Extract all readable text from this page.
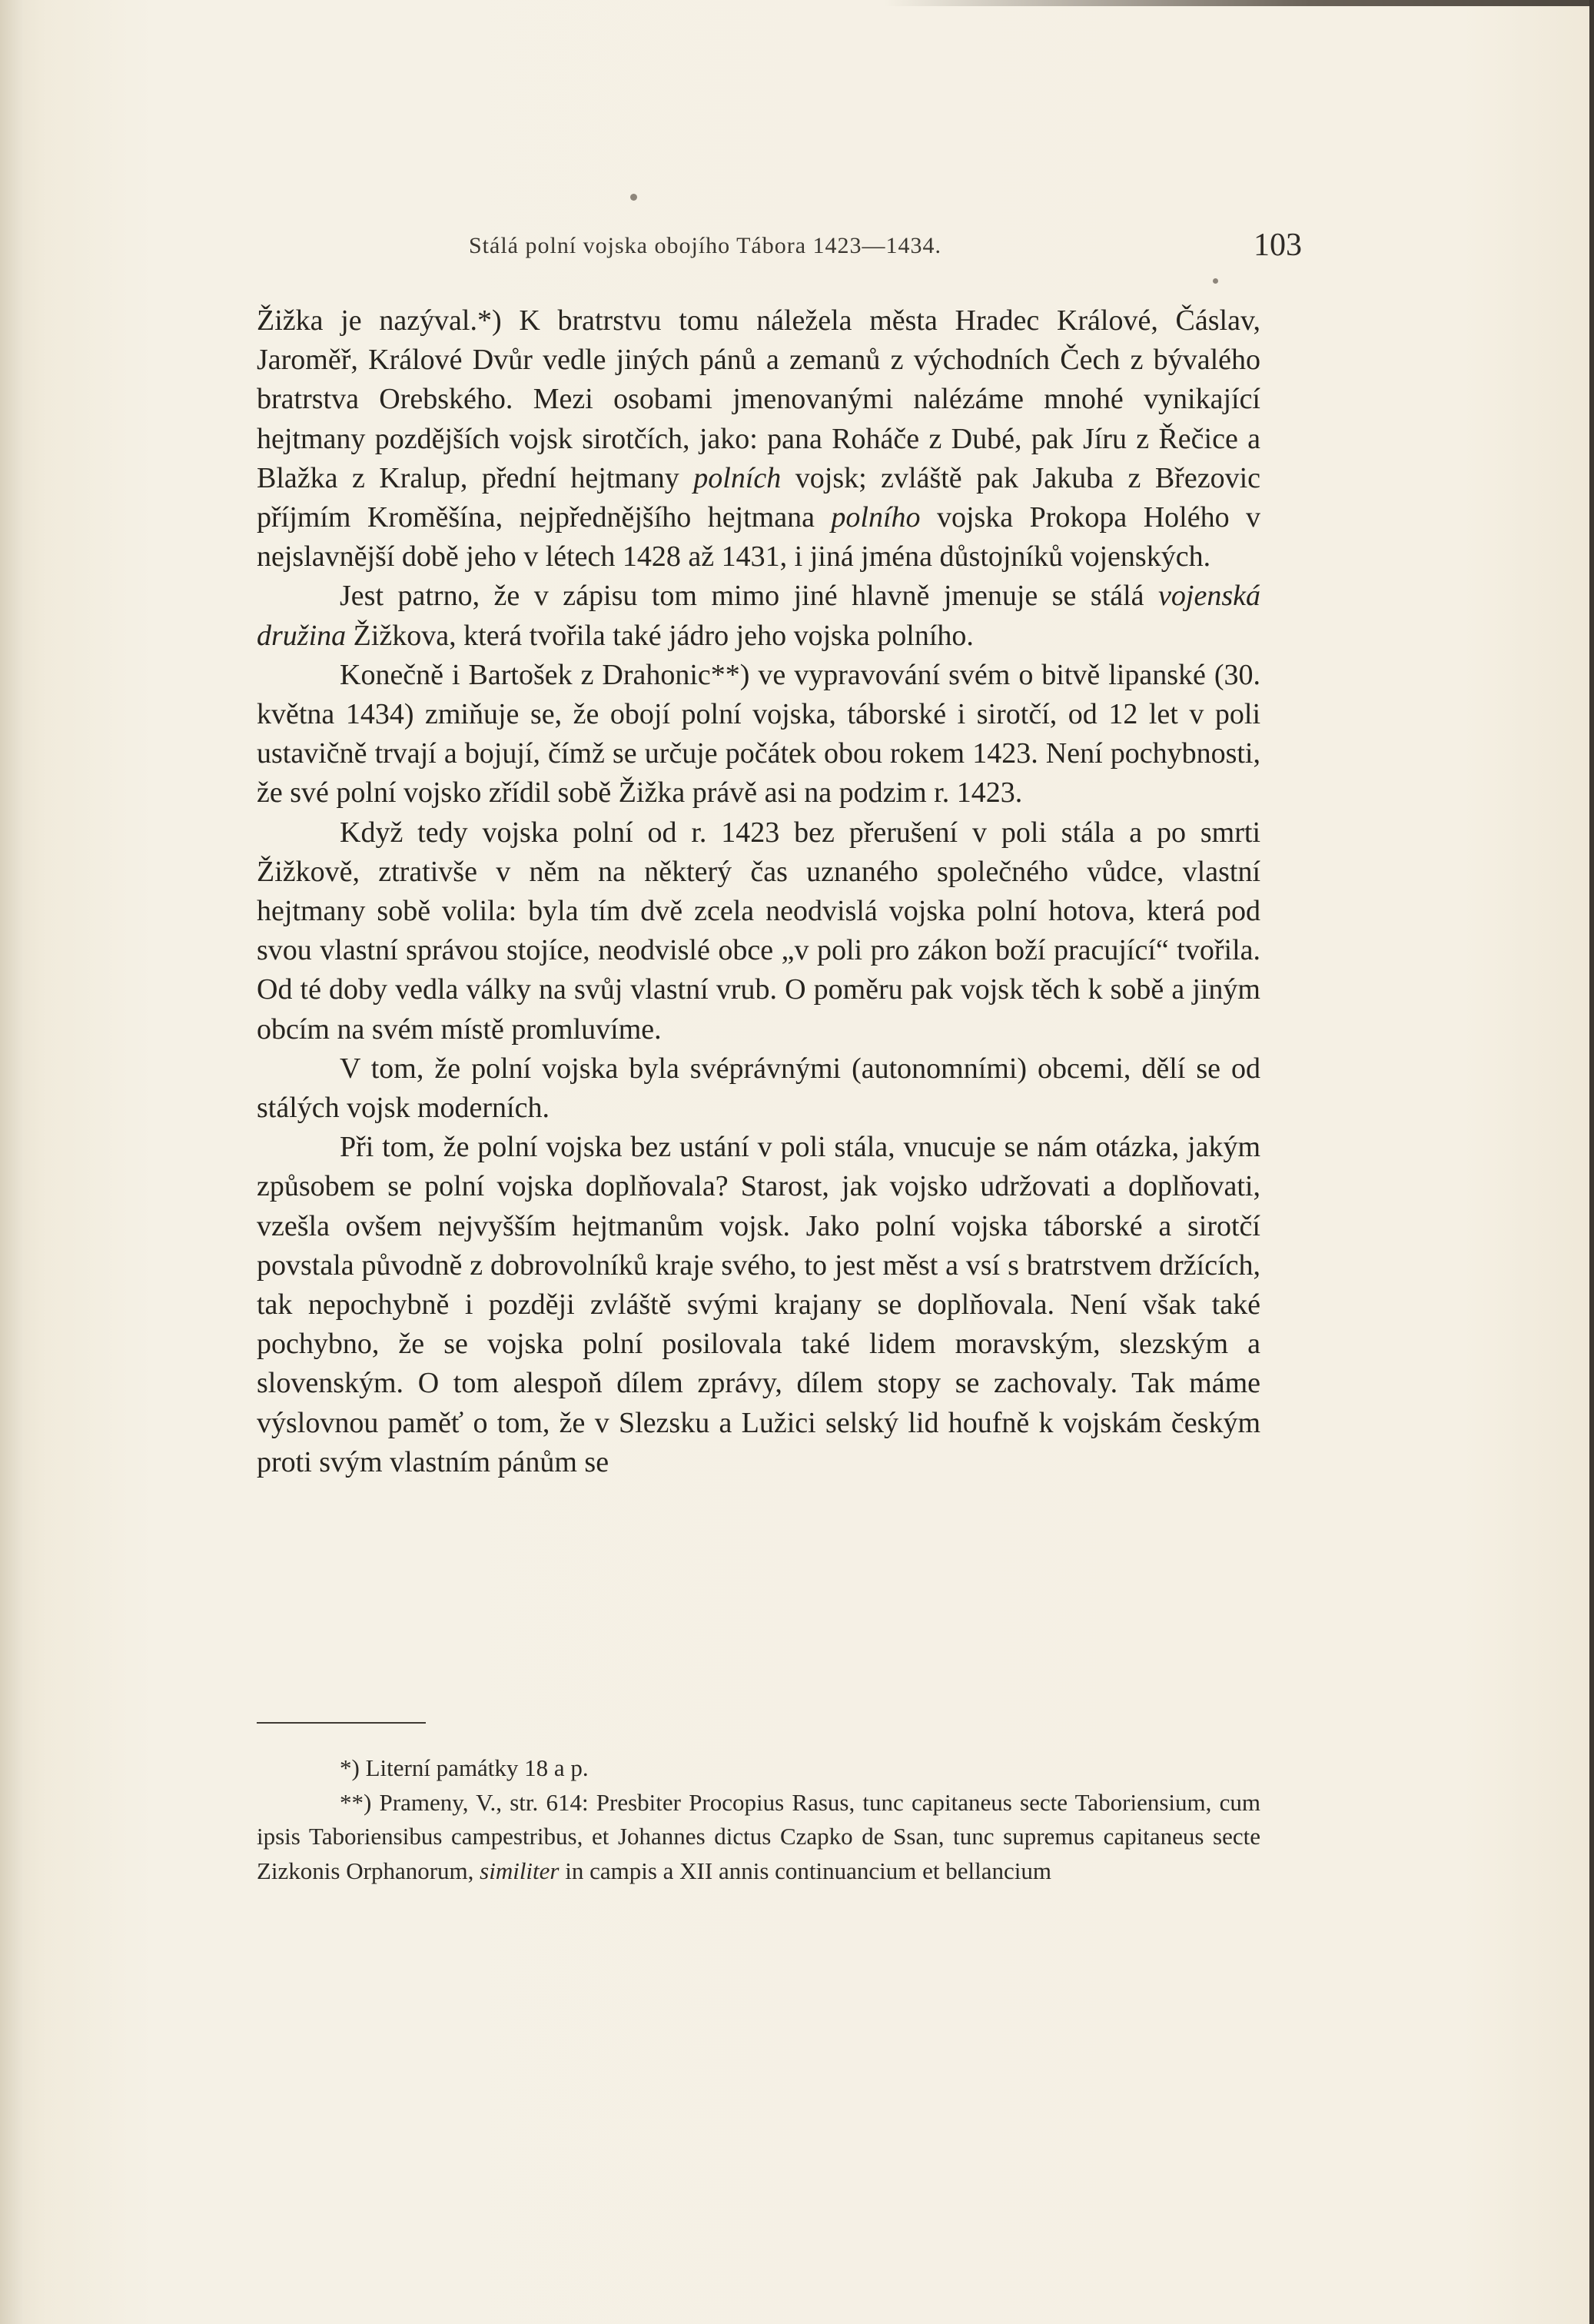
Stálá polní vojska obojího Tábora 1423—1434.	103

Žižka je nazýval.*) K bratrstvu tomu náležela města Hradec Králové, Čáslav, Jaroměř, Králové Dvůr vedle jiných pánů a zemanů z východních Čech z bývalého bratrstva Orebského. Mezi osobami jmenovanými nalézáme mnohé vynikající hejtmany pozdějších vojsk sirotčích, jako: pana Roháče z Dubé, pak Jíru z Řečice a Blažka z Kralup, přední hejtmany polních vojsk; zvláště pak Jakuba z Březovic příjmím Kroměšína, nejpřednějšího hejtmana polního vojska Prokopa Holého v nejslavnější době jeho v létech 1428 až 1431, i jiná jména důstojníků vojenských.

Jest patrno, že v zápisu tom mimo jiné hlavně jmenuje se stálá vojenská družina Žižkova, která tvořila také jádro jeho vojska polního.

Konečně i Bartošek z Drahonic**) ve vypravování svém o bitvě lipanské (30. května 1434) zmiňuje se, že obojí polní vojska, táborské i sirotčí, od 12 let v poli ustavičně trvají a bojují, čímž se určuje počátek obou rokem 1423. Není pochybnosti, že své polní vojsko zřídil sobě Žižka právě asi na podzim r. 1423.

Když tedy vojska polní od r. 1423 bez přerušení v poli stála a po smrti Žižkově, ztrativše v něm na některý čas uznaného společného vůdce, vlastní hejtmany sobě volila: byla tím dvě zcela neodvislá vojska polní hotova, která pod svou vlastní správou stojíce, neodvislé obce „v poli pro zákon boží pracující“ tvořila. Od té doby vedla války na svůj vlastní vrub. O poměru pak vojsk těch k sobě a jiným obcím na svém místě promluvíme.

V tom, že polní vojska byla svéprávnými (autonomními) obcemi, dělí se od stálých vojsk moderních.

Při tom, že polní vojska bez ustání v poli stála, vnucuje se nám otázka, jakým způsobem se polní vojska doplňovala? Starost, jak vojsko udržovati a doplňovati, vzešla ovšem nejvyšším hejtmanům vojsk. Jako polní vojska táborské a sirotčí povstala původně z dobrovolníků kraje svého, to jest měst a vsí s bratrstvem držících, tak nepochybně i později zvláště svými krajany se doplňovala. Není však také pochybno, že se vojska polní posilovala také lidem moravským, slezským a slovenským. O tom alespoň dílem zprávy, dílem stopy se zachovaly. Tak máme výslovnou paměť o tom, že v Slezsku a Lužici selský lid houfně k vojskám českým proti svým vlastním pánům se

*) Literní památky 18 a p.

**) Prameny, V., str. 614: Presbiter Procopius Rasus, tunc capitaneus secte Taboriensium, cum ipsis Taboriensibus campestribus, et Johannes dictus Czapko de Ssan, tunc supremus capitaneus secte Zizkonis Orphanorum, similiter in campis a XII annis continuancium et bellancium
